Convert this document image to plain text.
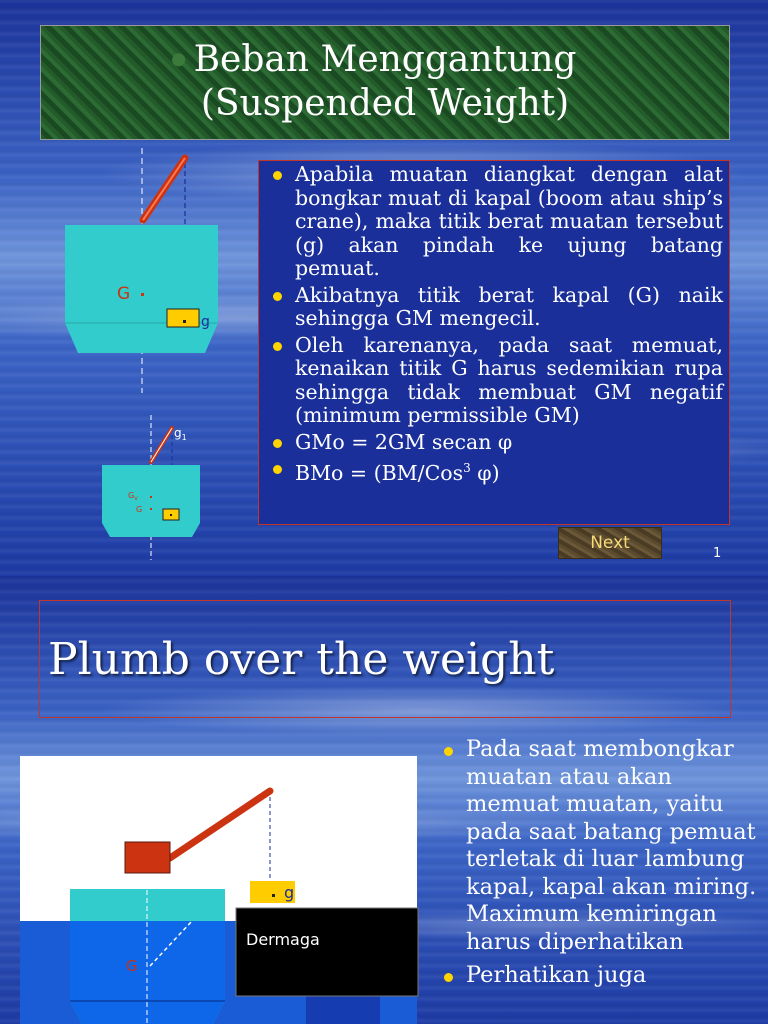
Beban Menggantung
(Suspended Weight)
G
g
$g_1$
$G_v$
G	g
Apabila muatan diangkat dengan alat bongkar muat di kapal (boom atau ship’s crane), maka titik berat muatan tersebut (g) akan pindah ke ujung batang pemuat.
Akibatnya titik berat kapal (G) naik sehingga GM mengecil.
Oleh karenanya, pada saat memuat, kenaikan titik G harus sedemikian rupa sehingga tidak membuat GM negatif (minimum permissible GM)
GMo = 2GM secan φ
BMo = (BM/Cos$^3$ φ)
Next
1
Plumb over the weight
G
g
Dermaga
Pada saat membongkar muatan atau akan memuat muatan, yaitu pada saat batang pemuat terletak di luar lambung kapal, kapal akan miring. Maximum kemiringan harus diperhatikan
Perhatikan juga
